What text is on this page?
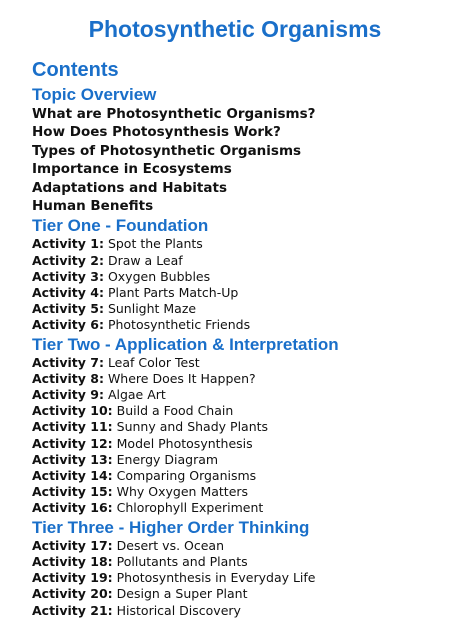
Photosynthetic Organisms
Contents
Topic Overview
What are Photosynthetic Organisms?
How Does Photosynthesis Work?
Types of Photosynthetic Organisms
Importance in Ecosystems
Adaptations and Habitats
Human Benefits
Tier One - Foundation
Activity 1: Spot the Plants
Activity 2: Draw a Leaf
Activity 3: Oxygen Bubbles
Activity 4: Plant Parts Match-Up
Activity 5: Sunlight Maze
Activity 6: Photosynthetic Friends
Tier Two - Application & Interpretation
Activity 7: Leaf Color Test
Activity 8: Where Does It Happen?
Activity 9: Algae Art
Activity 10: Build a Food Chain
Activity 11: Sunny and Shady Plants
Activity 12: Model Photosynthesis
Activity 13: Energy Diagram
Activity 14: Comparing Organisms
Activity 15: Why Oxygen Matters
Activity 16: Chlorophyll Experiment
Tier Three - Higher Order Thinking
Activity 17: Desert vs. Ocean
Activity 18: Pollutants and Plants
Activity 19: Photosynthesis in Everyday Life
Activity 20: Design a Super Plant
Activity 21: Historical Discovery
